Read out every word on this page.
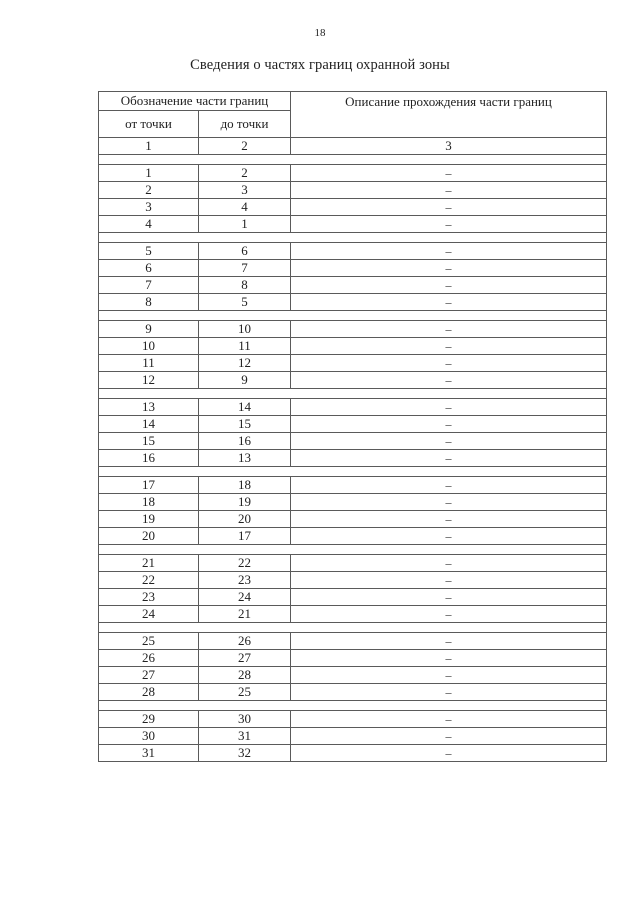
18
Сведения о частях границ охранной зоны
Обозначение части границ		Описание прохождения части границ
от точки	до точки	
1	2	3

1	2	–
2	3	–
3	4	–
4	1	–

5	6	–
6	7	–
7	8	–
8	5	–

9	10	–
10	11	–
11	12	–
12	9	–

13	14	–
14	15	–
15	16	–
16	13	–

17	18	–
18	19	–
19	20	–
20	17	–

21	22	–
22	23	–
23	24	–
24	21	–

25	26	–
26	27	–
27	28	–
28	25	–

29	30	–
30	31	–
31	32	–
